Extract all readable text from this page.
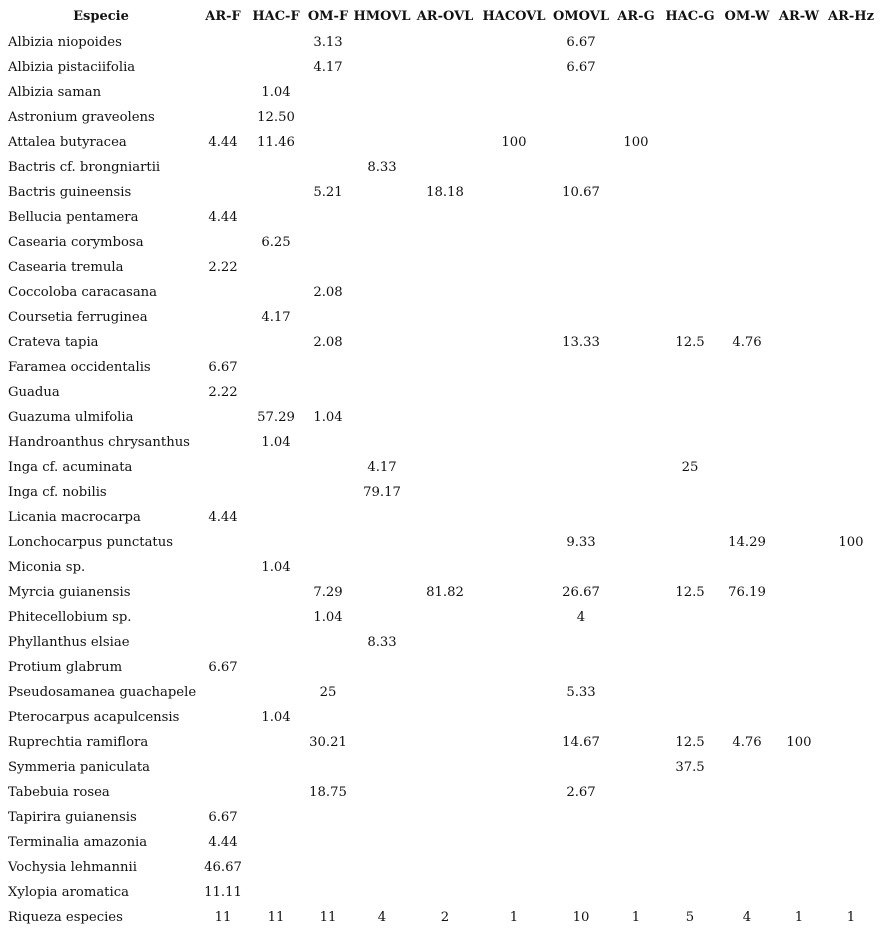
Especie	AR-F	HAC-F	OM-F	HMOVL	AR-OVL	HACOVL	OMOVL	AR-G	HAC-G	OM-W	AR-W	AR-Hz
Albizia niopoides			3.13				6.67					
Albizia pistaciifolia			4.17				6.67					
Albizia saman		1.04										
Astronium graveolens		12.50										
Attalea butyracea	4.44	11.46				100		100				
Bactris cf. brongniartii				8.33								
Bactris guineensis			5.21		18.18		10.67					
Bellucia pentamera	4.44											
Casearia corymbosa		6.25										
Casearia tremula	2.22											
Coccoloba caracasana			2.08									
Coursetia ferruginea		4.17										
Crateva tapia			2.08				13.33		12.5	4.76		
Faramea occidentalis	6.67											
Guadua	2.22											
Guazuma ulmifolia		57.29	1.04									
Handroanthus chrysanthus		1.04										
Inga cf. acuminata				4.17					25			
Inga cf. nobilis				79.17								
Licania macrocarpa	4.44											
Lonchocarpus punctatus							9.33			14.29		100
Miconia sp.		1.04										
Myrcia guianensis			7.29		81.82		26.67		12.5	76.19		
Phitecellobium sp.			1.04				4					
Phyllanthus elsiae				8.33								
Protium glabrum	6.67											
Pseudosamanea guachapele			25				5.33					
Pterocarpus acapulcensis		1.04										
Ruprechtia ramiflora			30.21				14.67		12.5	4.76	100	
Symmeria paniculata									37.5			
Tabebuia rosea			18.75				2.67					
Tapirira guianensis	6.67											
Terminalia amazonia	4.44											
Vochysia lehmannii	46.67											
Xylopia aromatica	11.11											
Riqueza especies	11	11	11	4	2	1	10	1	5	4	1	1
